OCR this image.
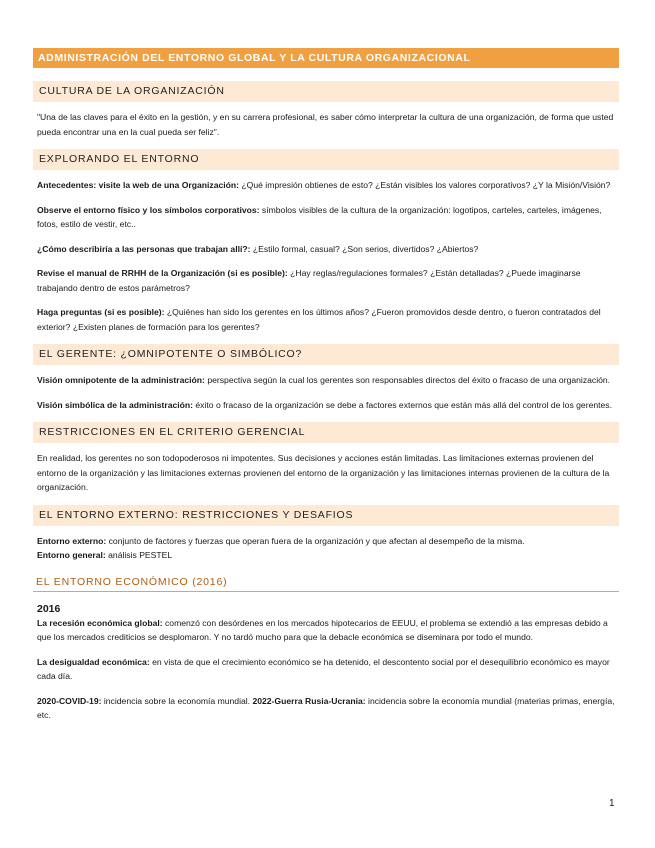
ADMINISTRACIÓN DEL ENTORNO GLOBAL Y LA CULTURA ORGANIZACIONAL
CULTURA DE LA ORGANIZACIÓN

"Una de las claves para el éxito en la gestión, y en su carrera profesional, es saber cómo interpretar la cultura de una organización, de forma que usted pueda encontrar una en la cual pueda ser feliz".

EXPLORANDO EL ENTORNO

Antecedentes: visite la web de una Organización: ¿Qué impresión obtienes de esto? ¿Están visibles los valores corporativos? ¿Y la Misión/Visión?

Observe el entorno físico y los símbolos corporativos: símbolos visibles de la cultura de la organización: logotipos, carteles, carteles, imágenes, fotos, estilo de vestir, etc..

¿Cómo describiría a las personas que trabajan allí?: ¿Estilo formal, casual? ¿Son serios, divertidos? ¿Abiertos?

Revise el manual de RRHH de la Organización (si es posible): ¿Hay reglas/regulaciones formales? ¿Están detalladas? ¿Puede imaginarse trabajando dentro de estos parámetros?

Haga preguntas (si es posible): ¿Quiénes han sido los gerentes en los últimos años? ¿Fueron promovidos desde dentro, o fueron contratados del exterior? ¿Existen planes de formación para los gerentes?

EL GERENTE: ¿OMNIPOTENTE O SIMBÓLICO?

Visión omnipotente de la administración: perspectiva según la cual los gerentes son responsables directos del éxito o fracaso de una organización.

Visión simbólica de la administración: éxito o fracaso de la organización se debe a factores externos que están más allá del control de los gerentes.

RESTRICCIONES EN EL CRITERIO GERENCIAL

En realidad, los gerentes no son todopoderosos ni impotentes. Sus decisiones y acciones están limitadas. Las limitaciones externas provienen del entorno de la organización y las limitaciones externas provienen del entorno de la organización y las limitaciones internas provienen de la cultura de la organización.

EL ENTORNO EXTERNO: RESTRICCIONES Y DESAFIOS

Entorno externo: conjunto de factores y fuerzas que operan fuera de la organización y que afectan al desempeño de la misma.
Entorno general: análisis PESTEL

EL ENTORNO ECONÓMICO (2016)
2016

La recesión económica global: comenzó con desórdenes en los mercados hipotecarios de EEUU, el problema se extendió a las empresas debido a que los mercados crediticios se desplomaron. Y no tardó mucho para que la debacle económica se diseminara por todo el mundo.

La desigualdad económica: en vista de que el crecimiento económico se ha detenido, el descontento social por el desequilibrio económico es mayor cada día.

2020-COVID-19: incidencia sobre la economía mundial. 2022-Guerra Rusia-Ucrania: incidencia sobre la economía mundial (materias primas, energía, etc.

1
